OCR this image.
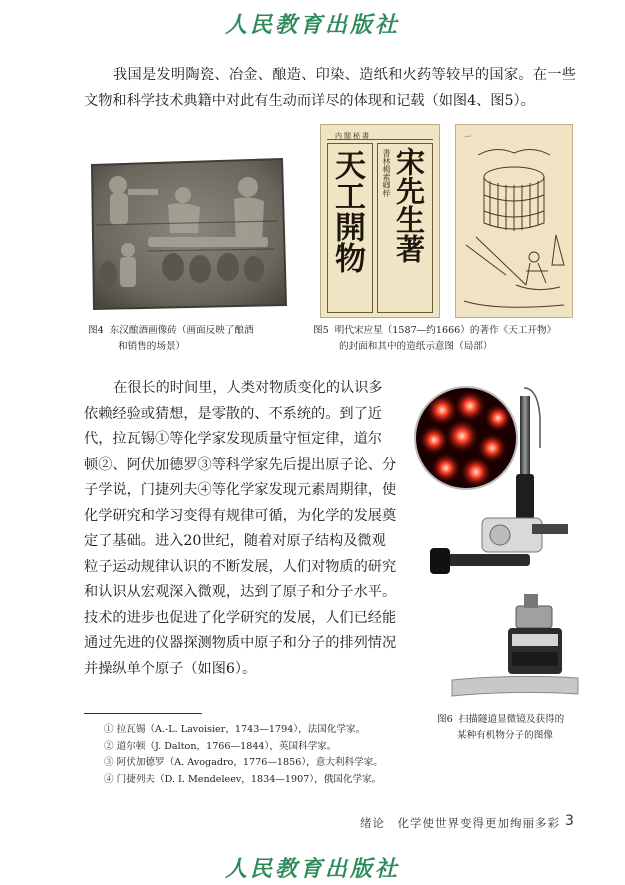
人民教育出版社

我国是发明陶瓷、冶金、酿造、印染、造纸和火药等较早的国家。在一些文物和科学技术典籍中对此有生动而详尽的体现和记载（如图4、图5）。

图4 东汉酿酒画像砖（画面反映了酿酒
和销售的场景）
内閣秘書
天工開物 書林楊素卿梓 宋先生著
一
图5 明代宋应星（1587—约1666）的著作《天工开物》
的封面和其中的造纸示意图（局部）
在很长的时间里，人类对物质变化的认识多
依赖经验或猜想，是零散的、不系统的。到了近
代，拉瓦锡①等化学家发现质量守恒定律，道尔
顿②、阿伏加德罗③等科学家先后提出原子论、分
子学说，门捷列夫④等化学家发现元素周期律，使
化学研究和学习变得有规律可循，为化学的发展奠
定了基础。进入20世纪，随着对原子结构及微观
粒子运动规律认识的不断发展，人们对物质的研究
和认识从宏观深入微观，达到了原子和分子水平。
技术的进步也促进了化学研究的发展，人们已经能
通过先进的仪器探测物质中原子和分子的排列情况
并操纵单个原子（如图6）。
图6 扫描隧道显微镜及获得的
某种有机物分子的图像
① 拉瓦锡（A.-L. Lavoisier，1743—1794），法国化学家。
② 道尔顿（J. Dalton，1766—1844），英国科学家。
③ 阿伏加德罗（A. Avogadro，1776—1856），意大利科学家。
④ 门捷列夫（D. I. Mendeleev，1834—1907），俄国化学家。
绪论　化学使世界变得更加绚丽多彩 3
人民教育出版社
